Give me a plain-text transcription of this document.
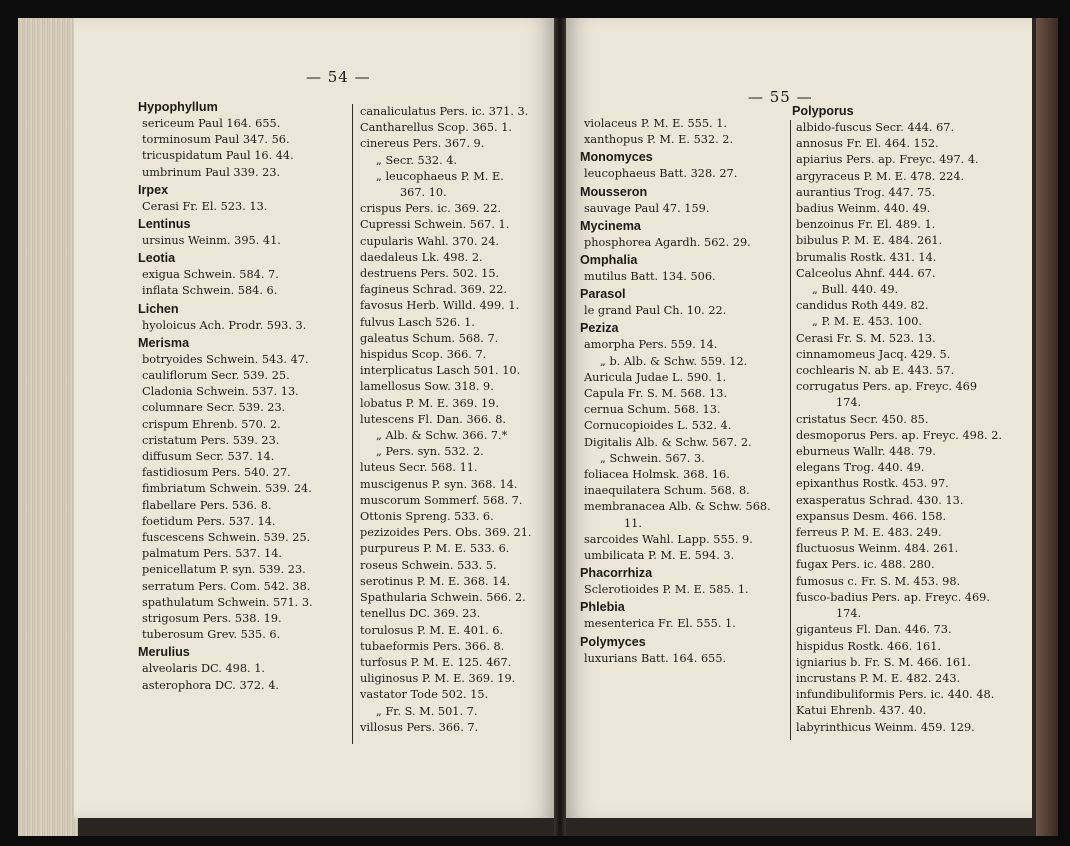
— 54 —
Hypophyllum
sericeum Paul 164. 655.
torminosum Paul 347. 56.
tricuspidatum Paul 16. 44.
umbrinum Paul 339. 23.
Irpex
Cerasi Fr. El. 523. 13.
Lentinus
ursinus Weinm. 395. 41.
Leotia
exigua Schwein. 584. 7.
inflata Schwein. 584. 6.
Lichen
hyoloicus Ach. Prodr. 593. 3.
Merisma
botryoides Schwein. 543. 47.
cauliflorum Secr. 539. 25.
Cladonia Schwein. 537. 13.
columnare Secr. 539. 23.
crispum Ehrenb. 570. 2.
cristatum Pers. 539. 23.
diffusum Secr. 537. 14.
fastidiosum Pers. 540. 27.
fimbriatum Schwein. 539. 24.
flabellare Pers. 536. 8.
foetidum Pers. 537. 14.
fuscescens Schwein. 539. 25.
palmatum Pers. 537. 14.
penicellatum P. syn. 539. 23.
serratum Pers. Com. 542. 38.
spathulatum Schwein. 571. 3.
strigosum Pers. 538. 19.
tuberosum Grev. 535. 6.
Merulius
alveolaris DC. 498. 1.
asterophora DC. 372. 4.
canaliculatus Pers. ic. 371. 3.
Cantharellus Scop. 365. 1.
cinereus Pers. 367. 9.
„ Secr. 532. 4.
„ leucophaeus P. M. E.
367. 10.
crispus Pers. ic. 369. 22.
Cupressi Schwein. 567. 1.
cupularis Wahl. 370. 24.
daedaleus Lk. 498. 2.
destruens Pers. 502. 15.
fagineus Schrad. 369. 22.
favosus Herb. Willd. 499. 1.
fulvus Lasch 526. 1.
galeatus Schum. 568. 7.
hispidus Scop. 366. 7.
interplicatus Lasch 501. 10.
lamellosus Sow. 318. 9.
lobatus P. M. E. 369. 19.
lutescens Fl. Dan. 366. 8.
„ Alb. & Schw. 366. 7.*
„ Pers. syn. 532. 2.
luteus Secr. 568. 11.
muscigenus P. syn. 368. 14.
muscorum Sommerf. 568. 7.
Ottonis Spreng. 533. 6.
pezizoides Pers. Obs. 369. 21.
purpureus P. M. E. 533. 6.
roseus Schwein. 533. 5.
serotinus P. M. E. 368. 14.
Spathularia Schwein. 566. 2.
tenellus DC. 369. 23.
torulosus P. M. E. 401. 6.
tubaeformis Pers. 366. 8.
turfosus P. M. E. 125. 467.
uliginosus P. M. E. 369. 19.
vastator Tode 502. 15.
„ Fr. S. M. 501. 7.
villosus Pers. 366. 7.
— 55 —
violaceus P. M. E. 555. 1.
xanthopus P. M. E. 532. 2.
Monomyces
leucophaeus Batt. 328. 27.
Mousseron
sauvage Paul 47. 159.
Mycinema
phosphorea Agardh. 562. 29.
Omphalia
mutilus Batt. 134. 506.
Parasol
le grand Paul Ch. 10. 22.
Peziza
amorpha Pers. 559. 14.
„ b. Alb. & Schw. 559. 12.
Auricula Judae L. 590. 1.
Capula Fr. S. M. 568. 13.
cernua Schum. 568. 13.
Cornucopioides L. 532. 4.
Digitalis Alb. & Schw. 567. 2.
„ Schwein. 567. 3.
foliacea Holmsk. 368. 16.
inaequilatera Schum. 568. 8.
membranacea Alb. & Schw. 568.
11.
sarcoides Wahl. Lapp. 555. 9.
umbilicata P. M. E. 594. 3.
Phacorrhiza
Sclerotioides P. M. E. 585. 1.
Phlebia
mesenterica Fr. El. 555. 1.
Polymyces
luxurians Batt. 164. 655.
Polyporus
albido-fuscus Secr. 444. 67.
annosus Fr. El. 464. 152.
apiarius Pers. ap. Freyc. 497. 4.
argyraceus P. M. E. 478. 224.
aurantius Trog. 447. 75.
badius Weinm. 440. 49.
benzoinus Fr. El. 489. 1.
bibulus P. M. E. 484. 261.
brumalis Rostk. 431. 14.
Calceolus Ahnf. 444. 67.
„ Bull. 440. 49.
candidus Roth 449. 82.
„ P. M. E. 453. 100.
Cerasi Fr. S. M. 523. 13.
cinnamomeus Jacq. 429. 5.
cochlearis N. ab E. 443. 57.
corrugatus Pers. ap. Freyc. 469
174.
cristatus Secr. 450. 85.
desmoporus Pers. ap. Freyc. 498. 2.
eburneus Wallr. 448. 79.
elegans Trog. 440. 49.
epixanthus Rostk. 453. 97.
exasperatus Schrad. 430. 13.
expansus Desm. 466. 158.
ferreus P. M. E. 483. 249.
fluctuosus Weinm. 484. 261.
fugax Pers. ic. 488. 280.
fumosus c. Fr. S. M. 453. 98.
fusco-badius Pers. ap. Freyc. 469.
174.
giganteus Fl. Dan. 446. 73.
hispidus Rostk. 466. 161.
igniarius b. Fr. S. M. 466. 161.
incrustans P. M. E. 482. 243.
infundibuliformis Pers. ic. 440. 48.
Katui Ehrenb. 437. 40.
labyrinthicus Weinm. 459. 129.
